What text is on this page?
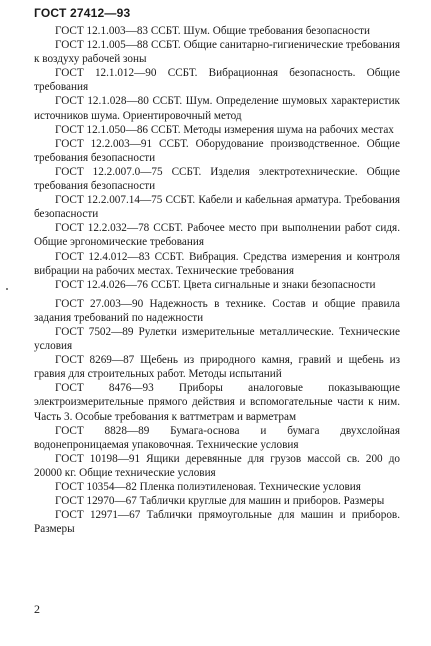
ГОСТ 27412—93

ГОСТ 12.1.003—83 ССБТ. Шум. Общие требования безопасности

ГОСТ 12.1.005—88 ССБТ. Общие санитарно-гигиенические требования к воздуху рабочей зоны

ГОСТ 12.1.012—90 ССБТ. Вибрационная безопасность. Общие требования

ГОСТ 12.1.028—80 ССБТ. Шум. Определение шумовых характеристик источников шума. Ориентировочный метод

ГОСТ 12.1.050—86 ССБТ. Методы измерения шума на рабочих местах

ГОСТ 12.2.003—91 ССБТ. Оборудование производственное. Общие требования безопасности

ГОСТ 12.2.007.0—75 ССБТ. Изделия электротехнические. Общие требования безопасности

ГОСТ 12.2.007.14—75 ССБТ. Кабели и кабельная арматура. Требования безопасности

ГОСТ 12.2.032—78 ССБТ. Рабочее место при выполнении работ сидя. Общие эргономические требования

ГОСТ 12.4.012—83 ССБТ. Вибрация. Средства измерения и контроля вибрации на рабочих местах. Технические требования

ГОСТ 12.4.026—76 ССБТ. Цвета сигнальные и знаки безопасности

ГОСТ 27.003—90 Надежность в технике. Состав и общие правила задания требований по надежности

ГОСТ 7502—89 Рулетки измерительные металлические. Технические условия

ГОСТ 8269—87 Щебень из природного камня, гравий и щебень из гравия для строительных работ. Методы испытаний

ГОСТ 8476—93 Приборы аналоговые показывающие электроизмерительные прямого действия и вспомогательные части к ним. Часть 3. Особые требования к ваттметрам и варметрам

ГОСТ 8828—89 Бумага-основа и бумага двухслойная водонепроницаемая упаковочная. Технические условия

ГОСТ 10198—91 Ящики деревянные для грузов массой св. 200 до 20000 кг. Общие технические условия

ГОСТ 10354—82 Пленка полиэтиленовая. Технические условия

ГОСТ 12970—67 Таблички круглые для машин и приборов. Размеры

ГОСТ 12971—67 Таблички прямоугольные для машин и приборов. Размеры

2
